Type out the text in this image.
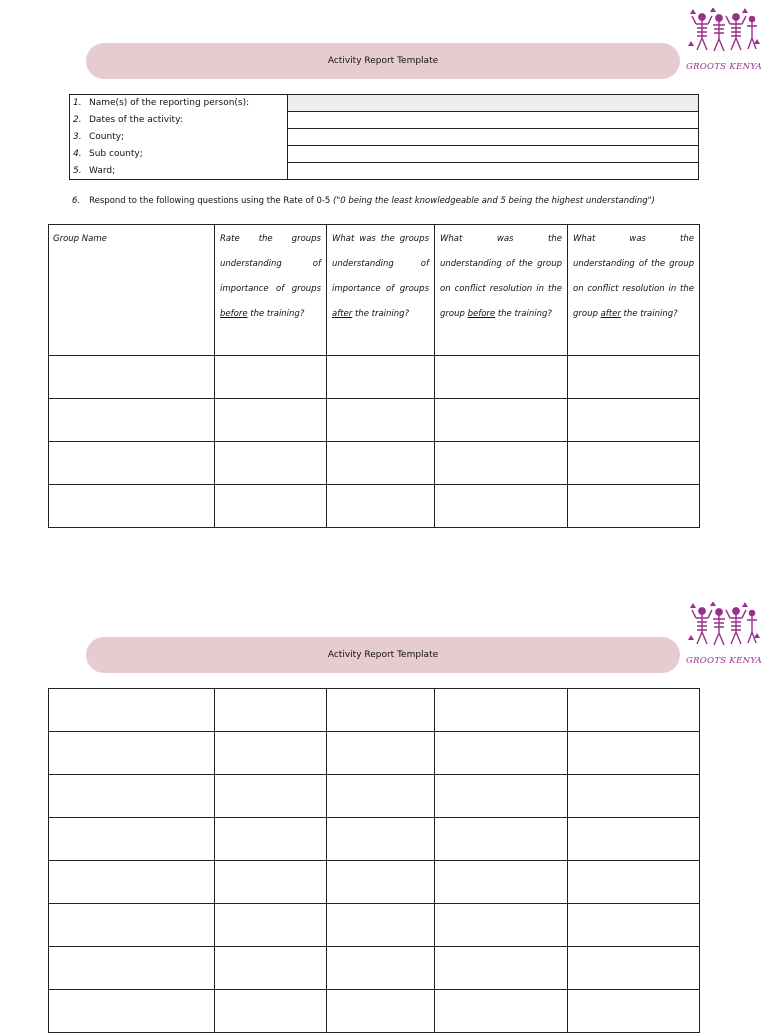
Activity Report Template
GROOTS KENYA
1. Name(s) of the reporting person(s):	
2. Dates of the activity:	
3. County;	
4. Sub county;	
5. Ward;	
6. Respond to the following questions using the Rate of 0-5 ("0 being the least knowledgeable and 5 being the highest understanding")
Group Name	Rate the groups understanding of importance of groups before the training?	What was the groups understanding of importance of groups after the training?	What was the understanding of the group on conflict resolution in the group before the training?	What was the understanding of the group on conflict resolution in the group after the training?

Activity Report Template
GROOTS KENYA
